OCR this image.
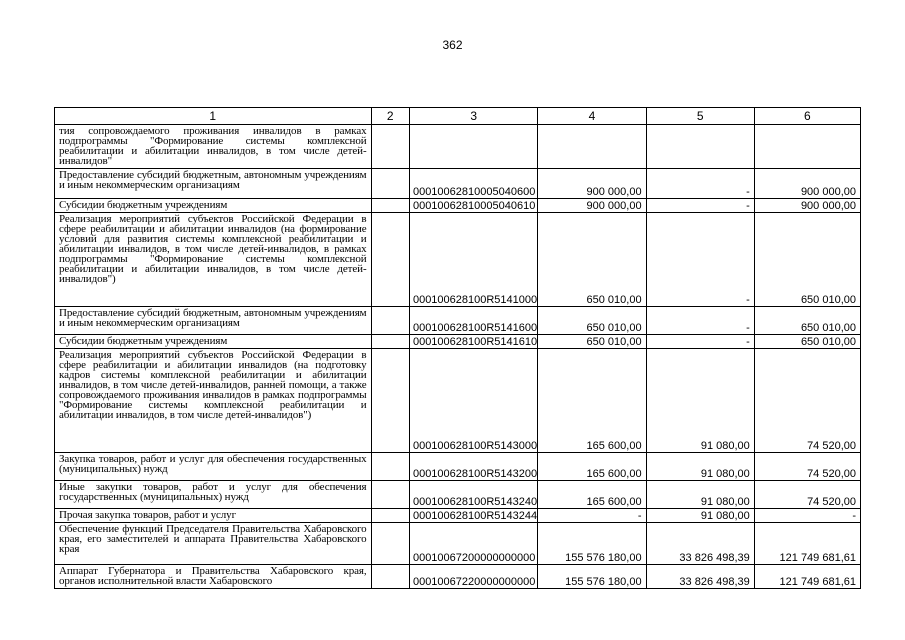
362
1	2	3	4	5	6
тия сопровождаемого проживания инвалидов в рамках подпрограммы "Формирование системы комплексной реабилитации и абилитации инвалидов, в том числе детей-инвалидов"					
Предоставление субсидий бюджетным, автономным учреждениям и иным некоммерческим организациям		00010062810005040600	900 000,00	-	900 000,00
Субсидии бюджетным учреждениям		00010062810005040610	900 000,00	-	900 000,00
Реализация мероприятий субъектов Российской Федерации в сфере реабилитации и абилитации инвалидов (на формирование условий для развития системы комплексной реабилитации и абилитации инвалидов, в том числе детей-инвалидов, в рамках подпрограммы "Формирование системы комплексной реабилитации и абилитации инвалидов, в том числе детей-инвалидов")		000100628100R5141000	650 010,00	-	650 010,00
Предоставление субсидий бюджетным, автономным учреждениям и иным некоммерческим организациям		000100628100R5141600	650 010,00	-	650 010,00
Субсидии бюджетным учреждениям		000100628100R5141610	650 010,00	-	650 010,00
Реализация мероприятий субъектов Российской Федерации в сфере реабилитации и абилитации инвалидов (на подготовку кадров системы комплексной реабилитации и абилитации инвалидов, в том числе детей-инвалидов, ранней помощи, а также сопровождаемого проживания инвалидов в рамках подпрограммы "Формирование системы комплексной реабилитации и абилитации инвалидов, в том числе детей-инвалидов")		000100628100R5143000	165 600,00	91 080,00	74 520,00
Закупка товаров, работ и услуг для обеспечения государственных (муниципальных) нужд		000100628100R5143200	165 600,00	91 080,00	74 520,00
Иные закупки товаров, работ и услуг для обеспечения государственных (муниципальных) нужд		000100628100R5143240	165 600,00	91 080,00	74 520,00
Прочая закупка товаров, работ и услуг		000100628100R5143244	-	91 080,00	-
Обеспечение функций Председателя Правительства Хабаровского края, его заместителей и аппарата Правительства Хабаровского края		00010067200000000000	155 576 180,00	33 826 498,39	121 749 681,61
Аппарат Губернатора и Правительства Хабаровского края, органов исполнительной власти Хабаровского		00010067220000000000	155 576 180,00	33 826 498,39	121 749 681,61
